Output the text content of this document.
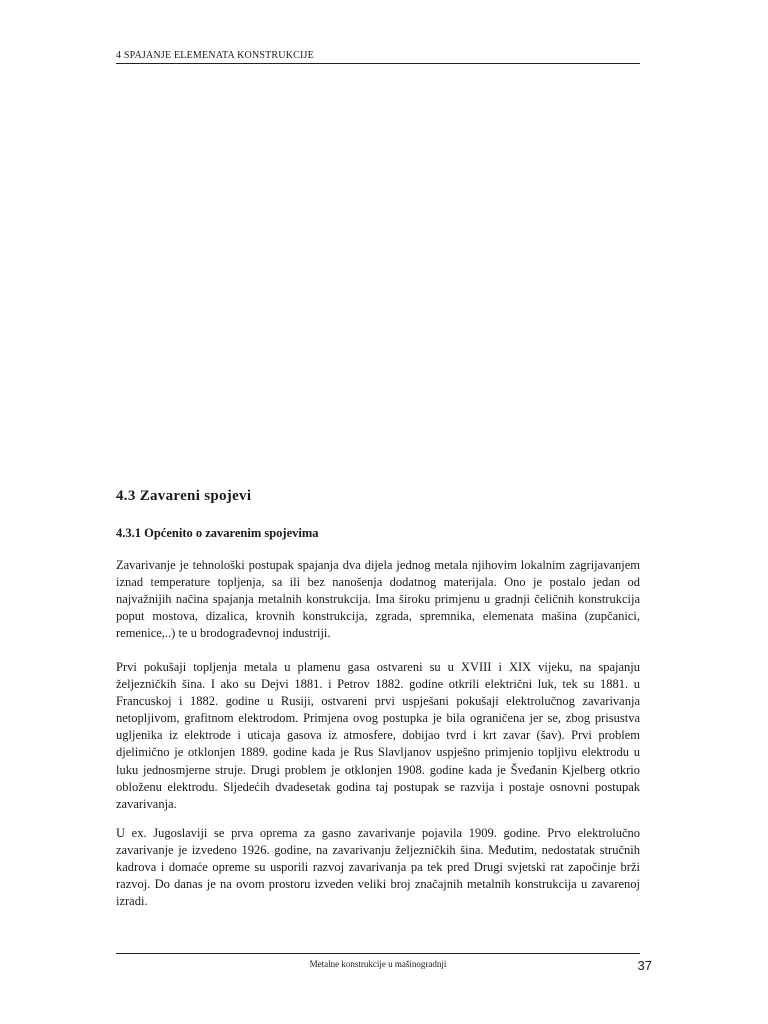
4 SPAJANJE ELEMENATA KONSTRUKCIJE
4.3 Zavareni spojevi
4.3.1 Općenito o zavarenim spojevima

Zavarivanje je tehnološki postupak spajanja dva dijela jednog metala njihovim lokalnim zagrijavanjem iznad temperature topljenja, sa ili bez nanošenja dodatnog materijala. Ono je postalo jedan od najvažnijih načina spajanja metalnih konstrukcija. Ima široku primjenu u gradnji čeličnih konstrukcija poput mostova, dizalica, krovnih konstrukcija, zgrada, spremnika, elemenata mašina (zupčanici, remenice,..) te u brodograđevnoj industriji.

Prvi pokušaji topljenja metala u plamenu gasa ostvareni su u XVIII i XIX vijeku, na spajanju željezničkih šina. I ako su Dejvi 1881. i Petrov 1882. godine otkrili električni luk, tek su 1881. u Francuskoj i 1882. godine u Rusiji, ostvareni prvi uspješani pokušaji elektrolučnog zavarivanja netopljivom, grafitnom elektrodom. Primjena ovog postupka je bila ograničena jer se, zbog prisustva ugljenika iz elektrode i uticaja gasova iz atmosfere, dobijao tvrd i krt zavar (šav). Prvi problem djelimično je otklonjen 1889. godine kada je Rus Slavljanov uspješno primjenio topljivu elektrodu u luku jednosmjerne struje. Drugi problem je otklonjen 1908. godine kada je Šveđanin Kjelberg otkrio obloženu elektrodu. Sljedećih dvadesetak godina taj postupak se razvija i postaje osnovni postupak zavarivanja.

U ex. Jugoslaviji se prva oprema za gasno zavarivanje pojavila 1909. godine. Prvo elektrolučno zavarivanje je izvedeno 1926. godine, na zavarivanju željezničkih šina. Međutim, nedostatak stručnih kadrova i domaće opreme su usporili razvoj zavarivanja pa tek pred Drugi svjetski rat započinje brži razvoj. Do danas je na ovom prostoru izveden veliki broj značajnih metalnih konstrukcija u zavarenoj izradi.

Metalne konstrukcije u mašinogradnji	37
